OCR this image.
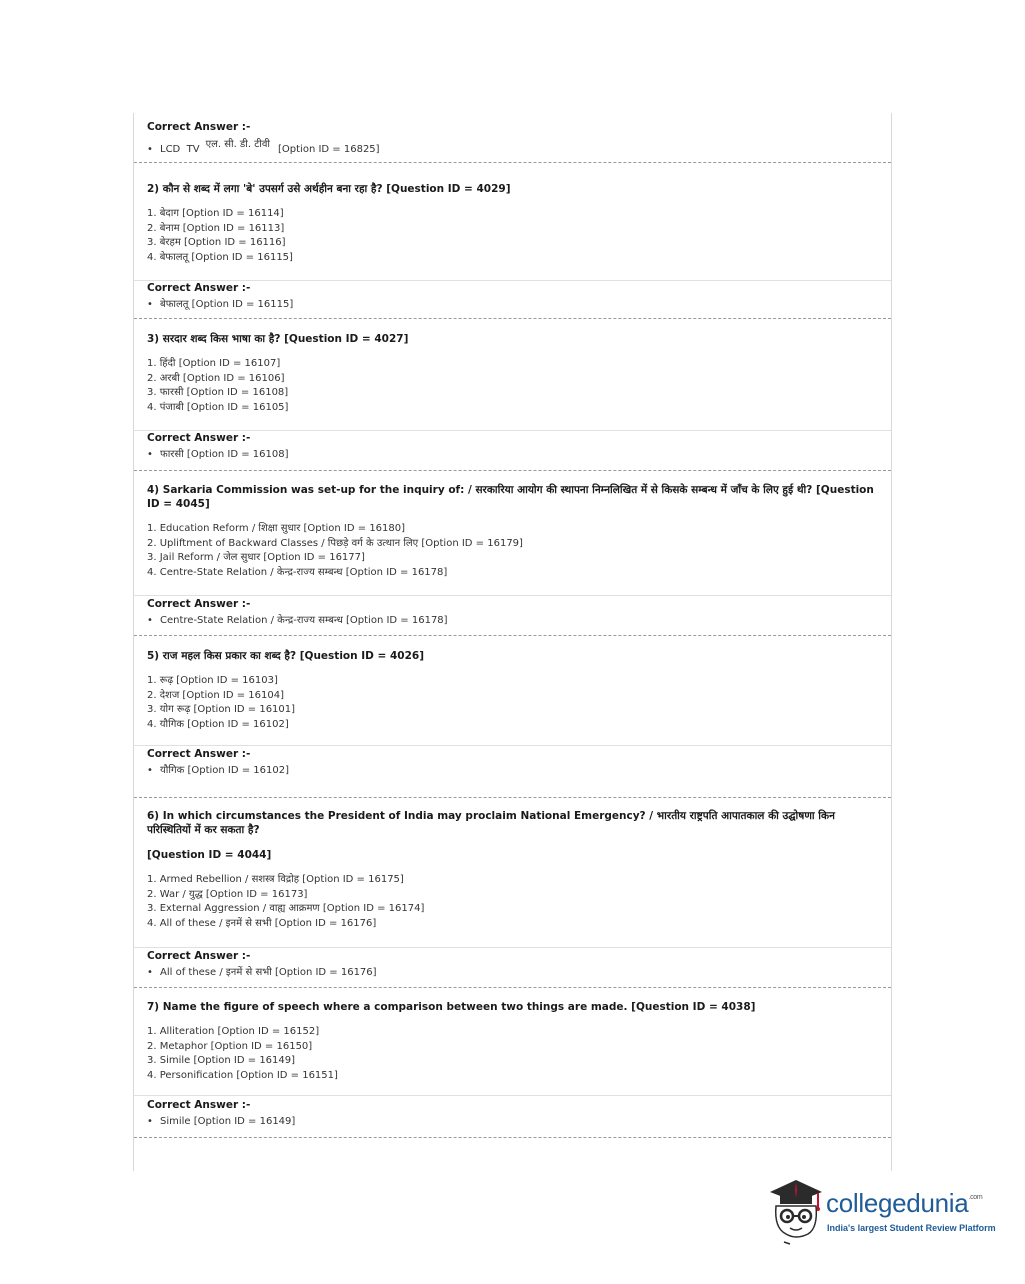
Correct Answer :-
• LCD  TV एल. सी. डी. टीवी [Option ID = 16825]
2) कौन से शब्द में लगा 'बे' उपसर्ग उसे अर्थहीन बना रहा है? [Question ID = 4029]
1. बेदाग [Option ID = 16114]
2. बेनाम [Option ID = 16113]
3. बेरहम [Option ID = 16116]
4. बेफालतू [Option ID = 16115]
Correct Answer :-
• बेफालतू [Option ID = 16115]
3) सरदार शब्द किस भाषा का है? [Question ID = 4027]
1. हिंदी [Option ID = 16107]
2. अरबी [Option ID = 16106]
3. फारसी [Option ID = 16108]
4. पंजाबी [Option ID = 16105]
Correct Answer :-
• फारसी [Option ID = 16108]
4) Sarkaria Commission was set-up for the inquiry of: / सरकारिया आयोग की स्थापना निम्नलिखित में से किसके सम्बन्ध में जाँच के लिए हुई थी? [Question ID = 4045]
1. Education Reform / शिक्षा सुधार [Option ID = 16180]
2. Upliftment of Backward Classes / पिछड़े वर्ग के उत्थान लिए [Option ID = 16179]
3. Jail Reform / जेल सुधार [Option ID = 16177]
4. Centre-State Relation / केन्द्र-राज्य सम्बन्ध [Option ID = 16178]
Correct Answer :-
• Centre-State Relation / केन्द्र-राज्य सम्बन्ध [Option ID = 16178]
5) राज महल किस प्रकार का शब्द है? [Question ID = 4026]
1. रूढ़ [Option ID = 16103]
2. देशज [Option ID = 16104]
3. योग रूढ़ [Option ID = 16101]
4. यौगिक [Option ID = 16102]
Correct Answer :-
• यौगिक [Option ID = 16102]
6) In which circumstances the President of India may proclaim National Emergency? / भारतीय राष्ट्रपति आपातकाल की उद्घोषणा किन परिस्थितियों में कर सकता है?
[Question ID = 4044]
1. Armed Rebellion / सशस्त्र विद्रोह [Option ID = 16175]
2. War / युद्ध [Option ID = 16173]
3. External Aggression / वाह्य आक्रमण [Option ID = 16174]
4. All of these / इनमें से सभी [Option ID = 16176]
Correct Answer :-
• All of these / इनमें से सभी [Option ID = 16176]
7) Name the figure of speech where a comparison between two things are made. [Question ID = 4038]
1. Alliteration [Option ID = 16152]
2. Metaphor [Option ID = 16150]
3. Simile [Option ID = 16149]
4. Personification [Option ID = 16151]
Correct Answer :-
• Simile [Option ID = 16149]
collegedunia$^{.com}$
India's largest Student Review Platform
